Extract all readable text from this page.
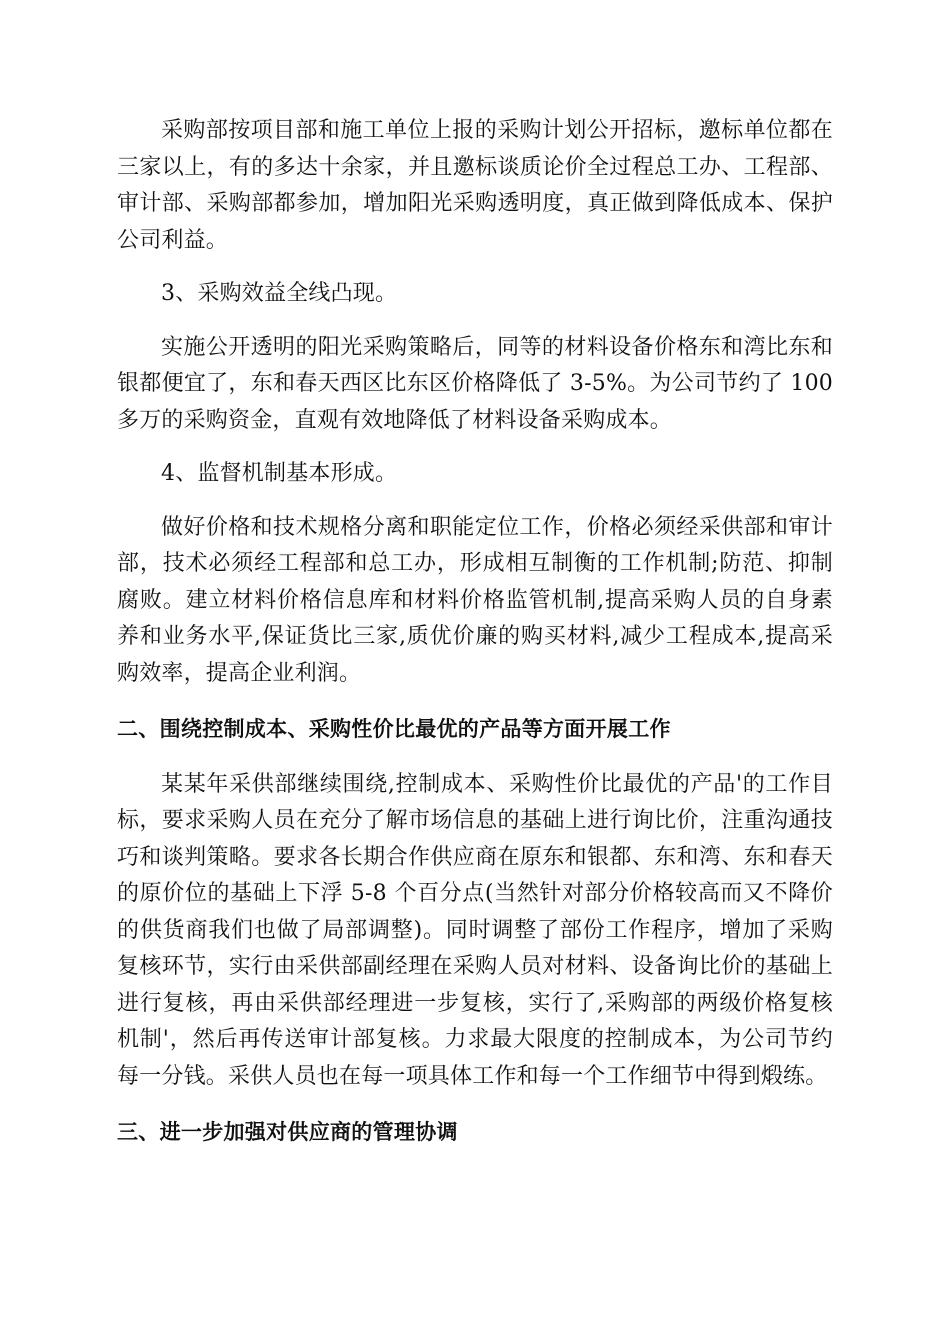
采购部按项目部和施工单位上报的采购计划公开招标，邀标单位都在三家以上，有的多达十余家，并且邀标谈质论价全过程总工办、工程部、审计部、采购部都参加，增加阳光采购透明度，真正做到降低成本、保护公司利益。

3、采购效益全线凸现。

实施公开透明的阳光采购策略后，同等的材料设备价格东和湾比东和银都便宜了，东和春天西区比东区价格降低了 3-5%。为公司节约了 100 多万的采购资金，直观有效地降低了材料设备采购成本。

4、监督机制基本形成。

做好价格和技术规格分离和职能定位工作，价格必须经采供部和审计部，技术必须经工程部和总工办，形成相互制衡的工作机制;防范、抑制腐败。建立材料价格信息库和材料价格监管机制,提高采购人员的自身素养和业务水平,保证货比三家,质优价廉的购买材料,减少工程成本,提高采购效率，提高企业利润。

二、围绕控制成本、采购性价比最优的产品等方面开展工作

某某年采供部继续围绕,控制成本、采购性价比最优的产品'的工作目标，要求采购人员在充分了解市场信息的基础上进行询比价，注重沟通技巧和谈判策略。要求各长期合作供应商在原东和银都、东和湾、东和春天的原价位的基础上下浮 5-8 个百分点(当然针对部分价格较高而又不降价的供货商我们也做了局部调整)。同时调整了部份工作程序，增加了采购复核环节，实行由采供部副经理在采购人员对材料、设备询比价的基础上进行复核，再由采供部经理进一步复核，实行了,采购部的两级价格复核机制'，然后再传送审计部复核。力求最大限度的控制成本，为公司节约每一分钱。采供人员也在每一项具体工作和每一个工作细节中得到煅练。

三、进一步加强对供应商的管理协调
